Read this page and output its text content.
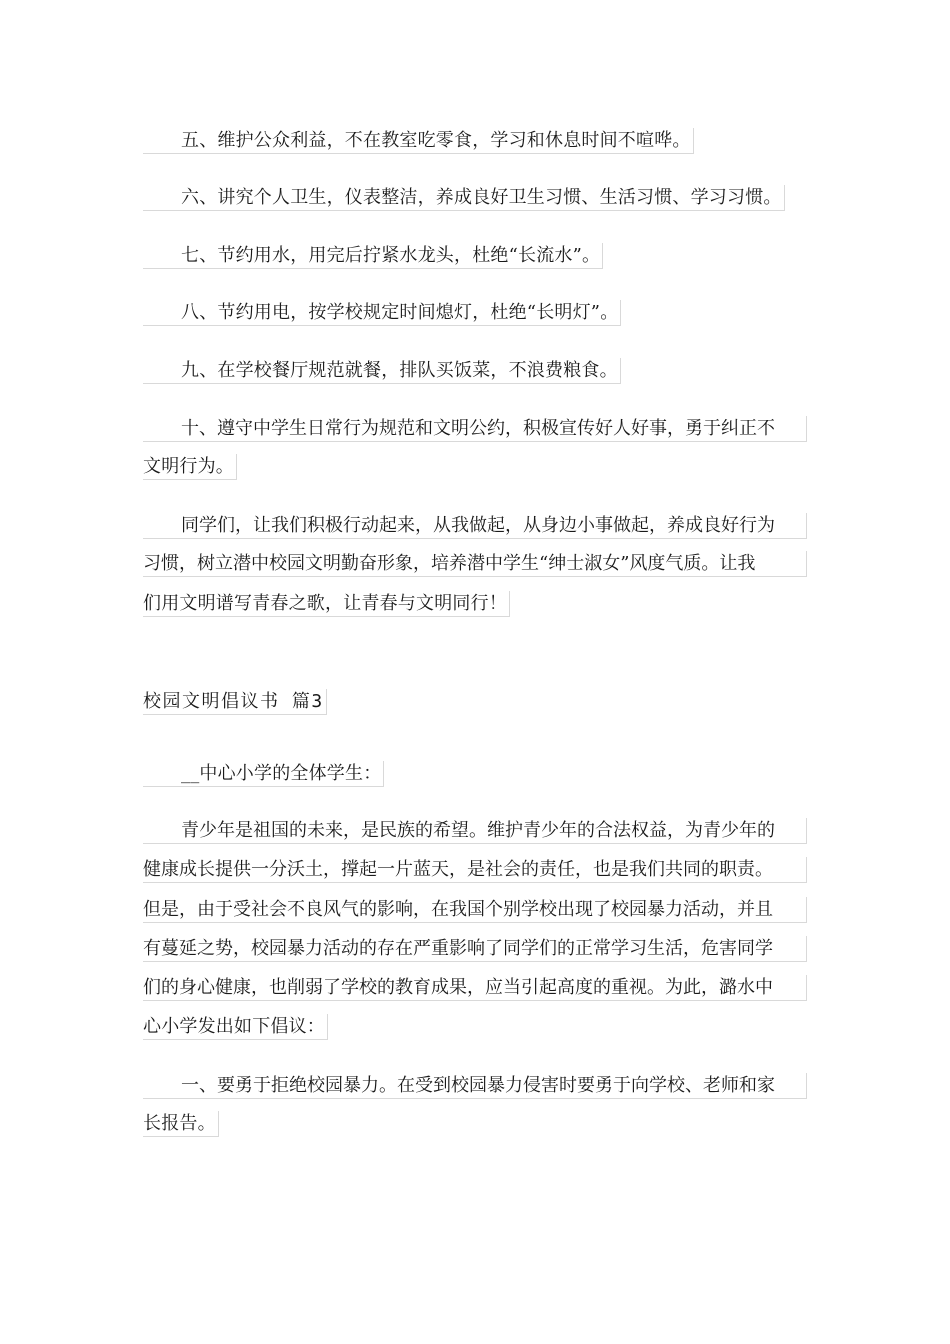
五、维护公众利益，不在教室吃零食，学习和休息时间不喧哗。
六、讲究个人卫生，仪表整洁，养成良好卫生习惯、生活习惯、学习习惯。
七、节约用水，用完后拧紧水龙头，杜绝“长流水”。
八、节约用电，按学校规定时间熄灯，杜绝“长明灯”。
九、在学校餐厅规范就餐，排队买饭菜，不浪费粮食。
十、遵守中学生日常行为规范和文明公约，积极宣传好人好事，勇于纠正不
文明行为。
同学们，让我们积极行动起来，从我做起，从身边小事做起，养成良好行为
习惯，树立潜中校园文明勤奋形象，培养潜中学生“绅士淑女”风度气质。让我
们用文明谱写青春之歌，让青春与文明同行！
校园文明倡议书 篇3
__中心小学的全体学生：
青少年是祖国的未来，是民族的希望。维护青少年的合法权益，为青少年的
健康成长提供一分沃土，撑起一片蓝天，是社会的责任，也是我们共同的职责。
但是，由于受社会不良风气的影响，在我国个别学校出现了校园暴力活动，并且
有蔓延之势，校园暴力活动的存在严重影响了同学们的正常学习生活，危害同学
们的身心健康，也削弱了学校的教育成果，应当引起高度的重视。为此，潞水中
心小学发出如下倡议：
一、要勇于拒绝校园暴力。在受到校园暴力侵害时要勇于向学校、老师和家
长报告。
